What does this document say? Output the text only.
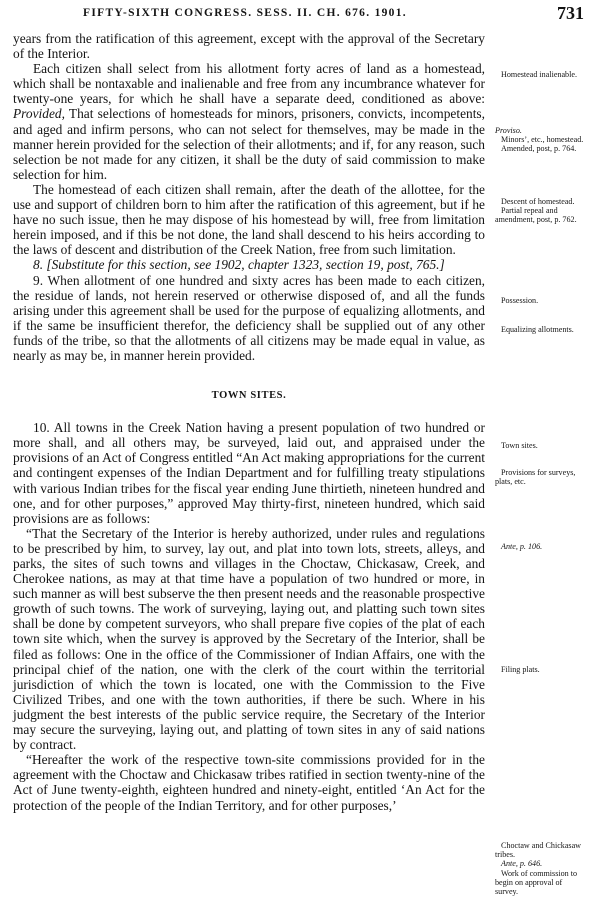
FIFTY-SIXTH CONGRESS. SESS. II. CH. 676. 1901.	731

years from the ratification of this agreement, except with the approval of the Secretary of the Interior.

Each citizen shall select from his allotment forty acres of land as a homestead, which shall be nontaxable and inalienable and free from any incumbrance whatever for twenty-one years, for which he shall have a separate deed, conditioned as above: Provided, That selections of homesteads for minors, prisoners, convicts, incompetents, and aged and infirm persons, who can not select for themselves, may be made in the manner herein provided for the selection of their allotments; and if, for any reason, such selection be not made for any citizen, it shall be the duty of said commission to make selection for him.

The homestead of each citizen shall remain, after the death of the allottee, for the use and support of children born to him after the ratification of this agreement, but if he have no such issue, then he may dispose of his homestead by will, free from limitation herein imposed, and if this be not done, the land shall descend to his heirs according to the laws of descent and distribution of the Creek Nation, free from such limitation.

8. [Substitute for this section, see 1902, chapter 1323, section 19, post, 765.]

9. When allotment of one hundred and sixty acres has been made to each citizen, the residue of lands, not herein reserved or otherwise disposed of, and all the funds arising under this agreement shall be used for the purpose of equalizing allotments, and if the same be insufficient therefor, the deficiency shall be supplied out of any other funds of the tribe, so that the allotments of all citizens may be made equal in value, as nearly as may be, in manner herein provided.

TOWN SITES.

10. All towns in the Creek Nation having a present population of two hundred or more shall, and all others may, be surveyed, laid out, and appraised under the provisions of an Act of Congress entitled “An Act making appropriations for the current and contingent expenses of the Indian Department and for fulfilling treaty stipulations with various Indian tribes for the fiscal year ending June thirtieth, nineteen hundred and one, and for other purposes,” approved May thirty-first, nineteen hundred, which said provisions are as follows:

“That the Secretary of the Interior is hereby authorized, under rules and regulations to be prescribed by him, to survey, lay out, and plat into town lots, streets, alleys, and parks, the sites of such towns and villages in the Choctaw, Chickasaw, Creek, and Cherokee nations, as may at that time have a population of two hundred or more, in such manner as will best subserve the then present needs and the reasonable prospective growth of such towns. The work of surveying, laying out, and platting such town sites shall be done by competent surveyors, who shall prepare five copies of the plat of each town site which, when the survey is approved by the Secretary of the Interior, shall be filed as follows: One in the office of the Commissioner of Indian Affairs, one with the principal chief of the nation, one with the clerk of the court within the territorial jurisdiction of which the town is located, one with the Commission to the Five Civilized Tribes, and one with the town authorities, if there be such. Where in his judgment the best interests of the public service require, the Secretary of the Interior may secure the surveying, laying out, and platting of town sites in any of said nations by contract.

“Hereafter the work of the respective town-site commissions provided for in the agreement with the Choctaw and Chickasaw tribes ratified in section twenty-nine of the Act of June twenty-eighth, eighteen hundred and ninety-eight, entitled ‘An Act for the protection of the people of the Indian Territory, and for other purposes,’

Homestead inalienable.
Proviso.
Minors’, etc., homestead.
Amended, post, p. 764.
Descent of homestead.
Partial repeal and amendment, post, p. 762.
Possession.
Equalizing allotments.
Town sites.
Provisions for surveys, plats, etc.
Ante, p. 106.
Filing plats.
Choctaw and Chickasaw tribes.
Ante, p. 646.
Work of commission to begin on approval of survey.
